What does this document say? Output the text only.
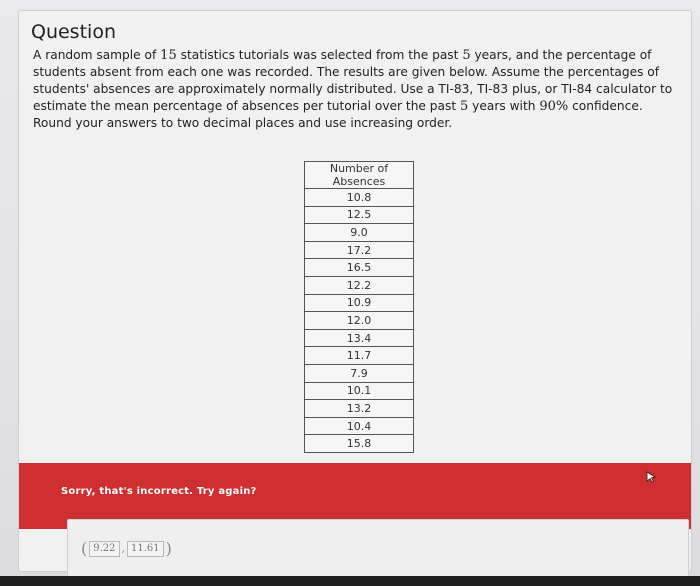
Question
A random sample of 15 statistics tutorials was selected from the past 5 years, and the percentage of students absent from each one was recorded. The results are given below. Assume the percentages of students' absences are approximately normally distributed. Use a TI-83, TI-83 plus, or TI-84 calculator to estimate the mean percentage of absences per tutorial over the past 5 years with 90% confidence. Round your answers to two decimal places and use increasing order.
Number of Absences
10.8
12.5
9.0
17.2
16.5
12.2
10.9
12.0
13.4
11.7
7.9
10.1
13.2
10.4
15.8
Sorry, that's incorrect. Try again?
( 9.22 , 11.61 )
